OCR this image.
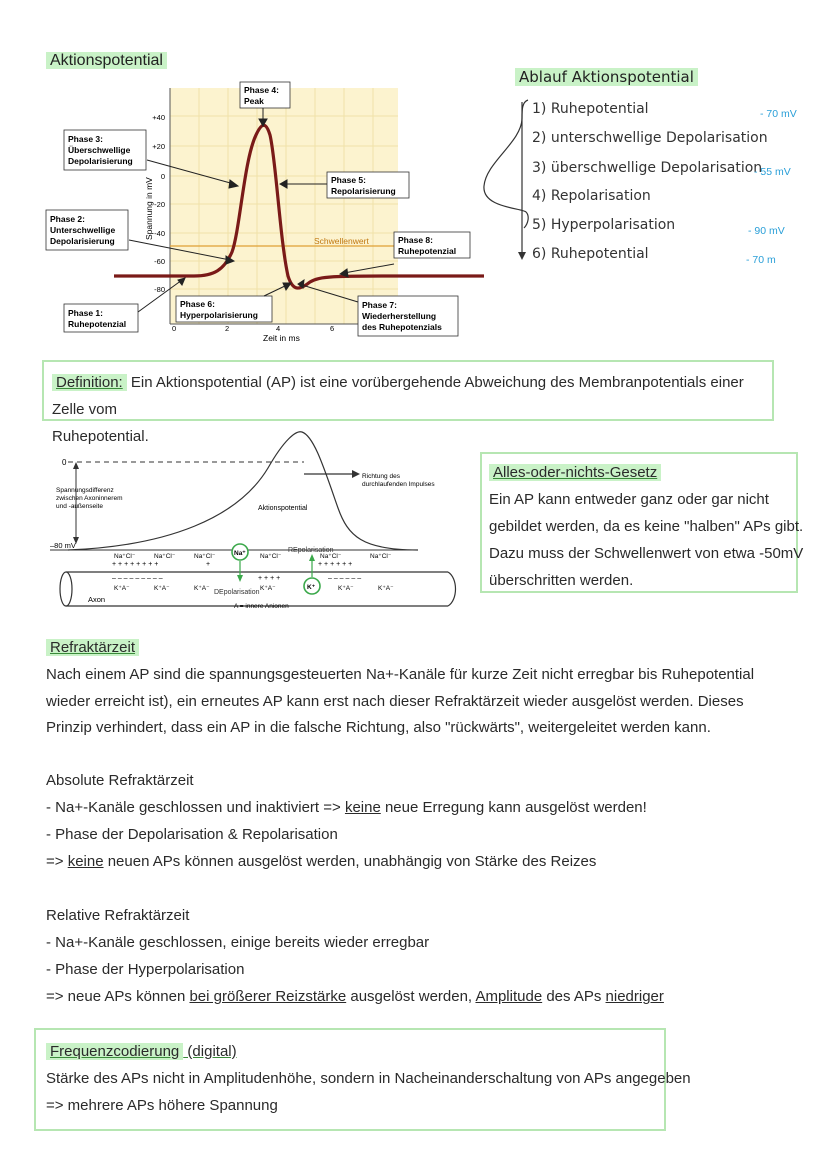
Aktionspotential
+40
+20
0
-20
-40
-60
-80
0	2	4	6
Spannung in mV
Zeit in ms
Schwellenwert
Phase 3:
Überschwellige
Depolarisierung
Phase 4:
Peak
Phase 5:
Repolarisierung
Phase 2:
Unterschwellige
Depolarisierung	Phase 8:
Ruhepotenzial
Phase 1:
Ruhepotenzial
Phase 6:
Hyperpolarisierung
Phase 7:
Wiederherstellung
des Ruhepotenzials
Ablauf Aktionspotential
1) Ruhepotential	- 70 mV
2) unterschwellige Depolarisation
3) überschwellige Depolarisation
- 55 mV
4) Repolarisation
5) Hyperpolarisation	- 90 mV
6) Ruhepotential	- 70 m
Definition: Ein Aktionspotential (AP) ist eine vorübergehende Abweichung des Membranpotentials einer Zelle vom
Ruhepotential.
0
–80 mV
Spannungsdifferenz
zwischen Axoninnerem
und -außenseite	Aktionspotential
Richtung des
durchlaufenden Impulses
Axon
A = innere Anionen
Na⁺Cl⁻	Na⁺Cl⁻	Na⁺Cl⁻	Na⁺Cl⁻	Na⁺Cl⁻	Na⁺Cl⁻
+ + + + + + + +	+	+ + + + + +
– – – – – – – – –	– – – – – –
+ + + +
K⁺A⁻	K⁺A⁻	K⁺A⁻	K⁺A⁻	K⁺A⁻	K⁺A⁻
Na⁺
DEpolarisation
K⁺
REpolarisation
Alles-oder-nichts-Gesetz
Ein AP kann entweder ganz oder gar nicht
gebildet werden, da es keine "halben" APs gibt.
Dazu muss der Schwellenwert von etwa -50mV
überschritten werden.
Refraktärzeit
Nach einem AP sind die spannungsgesteuerten Na+-Kanäle für kurze Zeit nicht erregbar bis Ruhepotential
wieder erreicht ist), ein erneutes AP kann erst nach dieser Refraktärzeit wieder ausgelöst werden. Dieses
Prinzip verhindert, dass ein AP in die falsche Richtung, also "rückwärts", weitergeleitet werden kann.
Absolute Refraktärzeit
- Na+-Kanäle geschlossen und inaktiviert => keine neue Erregung kann ausgelöst werden!
- Phase der Depolarisation & Repolarisation
=> keine neuen APs können ausgelöst werden, unabhängig von Stärke des Reizes
Relative Refraktärzeit
- Na+-Kanäle geschlossen, einige bereits wieder erregbar
- Phase der Hyperpolarisation
=> neue APs können bei größerer Reizstärke ausgelöst werden, Amplitude des APs niedriger
Frequenzcodierung (digital)
Stärke des APs nicht in Amplitudenhöhe, sondern in Nacheinanderschaltung von APs angegeben
=> mehrere APs höhere Spannung
